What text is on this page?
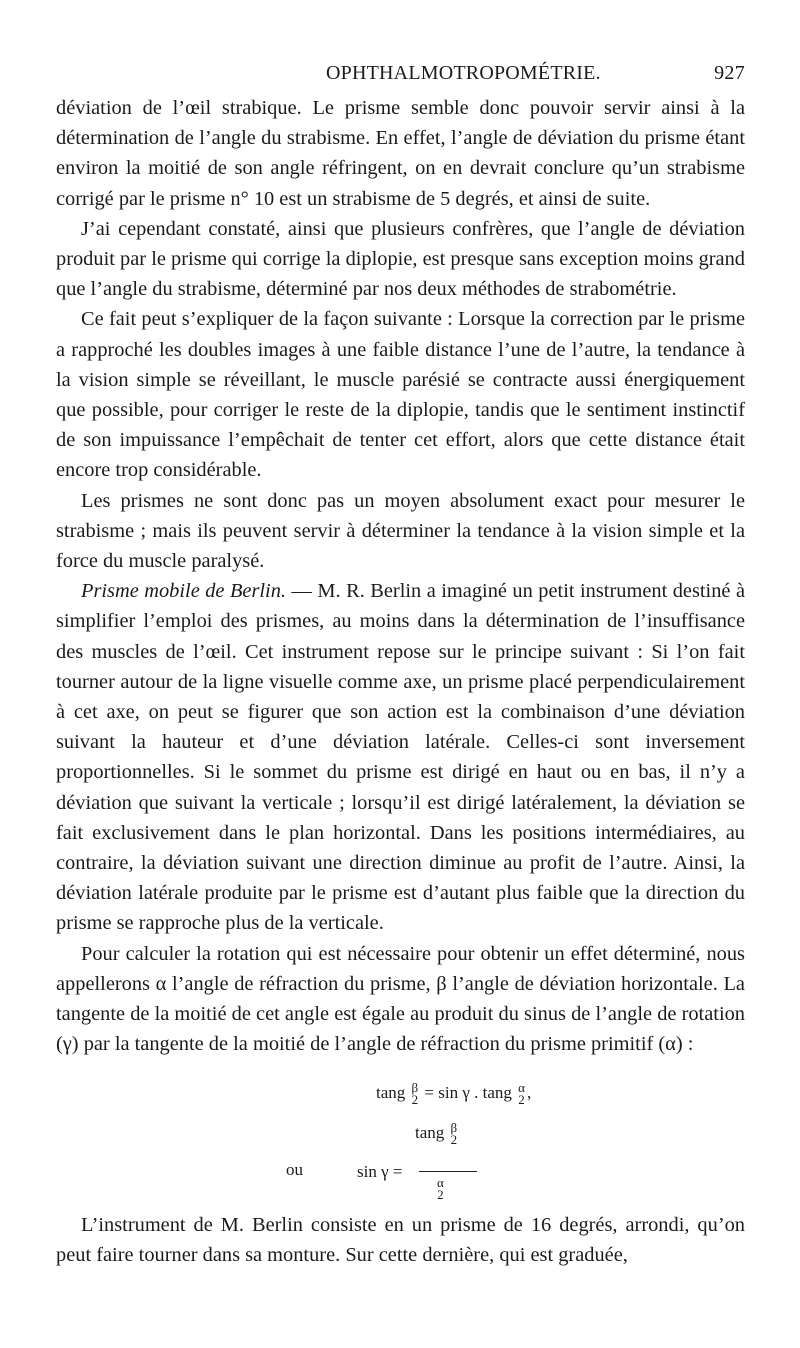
OPHTHALMOTROPOMÉTRIE.	927

déviation de l’œil strabique. Le prisme semble donc pouvoir servir ainsi à la détermination de l’angle du strabisme. En effet, l’angle de déviation du prisme étant environ la moitié de son angle réfringent, on en devrait conclure qu’un strabisme corrigé par le prisme n° 10 est un strabisme de 5 degrés, et ainsi de suite.

J’ai cependant constaté, ainsi que plusieurs confrères, que l’angle de déviation produit par le prisme qui corrige la diplopie, est presque sans exception moins grand que l’angle du strabisme, déterminé par nos deux méthodes de strabométrie.

Ce fait peut s’expliquer de la façon suivante : Lorsque la correction par le prisme a rapproché les doubles images à une faible distance l’une de l’autre, la tendance à la vision simple se réveillant, le muscle parésié se contracte aussi énergiquement que possible, pour corriger le reste de la diplopie, tandis que le sentiment instinctif de son impuissance l’empêchait de tenter cet effort, alors que cette distance était encore trop considérable.

Les prismes ne sont donc pas un moyen absolument exact pour mesurer le strabisme ; mais ils peuvent servir à déterminer la tendance à la vision simple et la force du muscle paralysé.

Prisme mobile de Berlin. — M. R. Berlin a imaginé un petit instrument destiné à simplifier l’emploi des prismes, au moins dans la détermination de l’insuffisance des muscles de l’œil. Cet instrument repose sur le principe suivant : Si l’on fait tourner autour de la ligne visuelle comme axe, un prisme placé perpendiculairement à cet axe, on peut se figurer que son action est la combinaison d’une déviation suivant la hauteur et d’une déviation latérale. Celles-ci sont inversement proportionnelles. Si le sommet du prisme est dirigé en haut ou en bas, il n’y a déviation que suivant la verticale ; lorsqu’il est dirigé latéralement, la déviation se fait exclusivement dans le plan horizontal. Dans les positions intermédiaires, au contraire, la déviation suivant une direction diminue au profit de l’autre. Ainsi, la déviation latérale produite par le prisme est d’autant plus faible que la direction du prisme se rapproche plus de la verticale.

Pour calculer la rotation qui est nécessaire pour obtenir un effet déterminé, nous appellerons α l’angle de réfraction du prisme, β l’angle de déviation horizontale. La tangente de la moitié de cet angle est égale au produit du sinus de l’angle de rotation (γ) par la tangente de la moitié de l’angle de réfraction du prisme primitif (α) :

tang β
2 = sin γ . tang α
2 ,
ou
tang β
2
sin γ =
α
2

L’instrument de M. Berlin consiste en un prisme de 16 degrés, arrondi, qu’on peut faire tourner dans sa monture. Sur cette dernière, qui est graduée,
